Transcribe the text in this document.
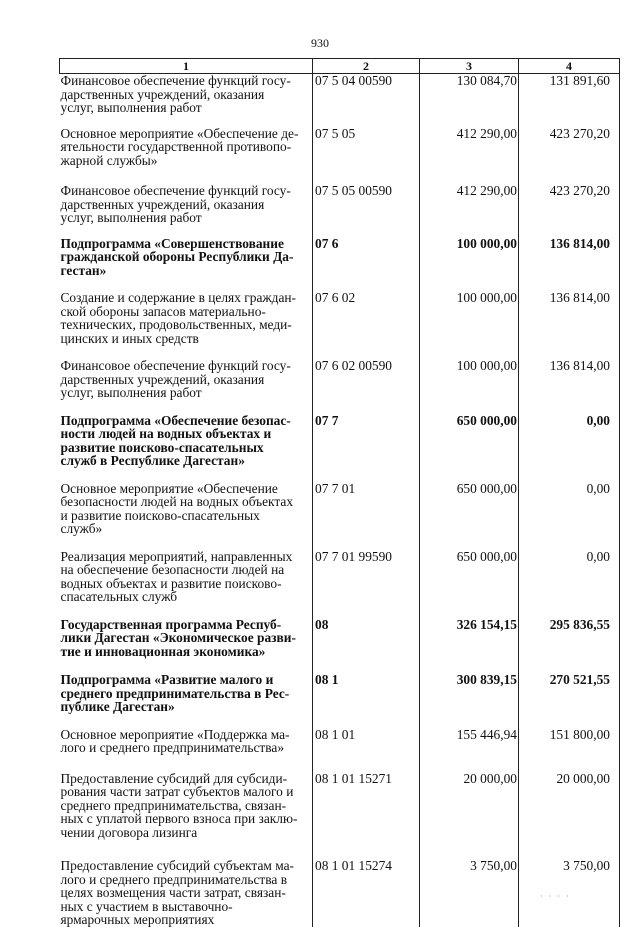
930
1	2	3	4
Финансовое обеспечение функций госу-
дарственных учреждений, оказания
услуг, выполнения работ	07 5 04 00590	130 084,70	131 891,60
Основное мероприятие «Обеспечение де-
ятельности государственной противопо-
жарной службы»	07 5 05	412 290,00	423 270,20
Финансовое обеспечение функций госу-
дарственных учреждений, оказания
услуг, выполнения работ	07 5 05 00590	412 290,00	423 270,20
Подпрограмма «Совершенствование
гражданской обороны Республики Да-
гестан»	07 6	100 000,00	136 814,00
Создание и содержание в целях граждан-
ской обороны запасов материально-
технических, продовольственных, меди-
цинских и иных средств	07 6 02	100 000,00	136 814,00
Финансовое обеспечение функций госу-
дарственных учреждений, оказания
услуг, выполнения работ	07 6 02 00590	100 000,00	136 814,00
Подпрограмма «Обеспечение безопас-
ности людей на водных объектах и
развитие поисково-спасательных
служб в Республике Дагестан»	07 7	650 000,00	0,00
Основное мероприятие «Обеспечение
безопасности людей на водных объектах
и развитие поисково-спасательных
служб»	07 7 01	650 000,00	0,00
Реализация мероприятий, направленных
на обеспечение безопасности людей на
водных объектах и развитие поисково-
спасательных служб	07 7 01 99590	650 000,00	0,00
Государственная программа Респуб-
лики Дагестан «Экономическое разви-
тие и инновационная экономика»	08	326 154,15	295 836,55
Подпрограмма «Развитие малого и
среднего предпринимательства в Рес-
публике Дагестан»	08 1	300 839,15	270 521,55
Основное мероприятие «Поддержка ма-
лого и среднего предпринимательства»	08 1 01	155 446,94	151 800,00
Предоставление субсидий для субсиди-
рования части затрат субъектов малого и
среднего предпринимательства, связан-
ных с уплатой первого взноса при заклю-
чении договора лизинга	08 1 01 15271	20 000,00	20 000,00
Предоставление субсидий субъектам ма-
лого и среднего предпринимательства в
целях возмещения части затрат, связан-
ных с участием в выставочно-
ярмарочных мероприятиях	08 1 01 15274	3 750,00	3 750,00
· · · ·
